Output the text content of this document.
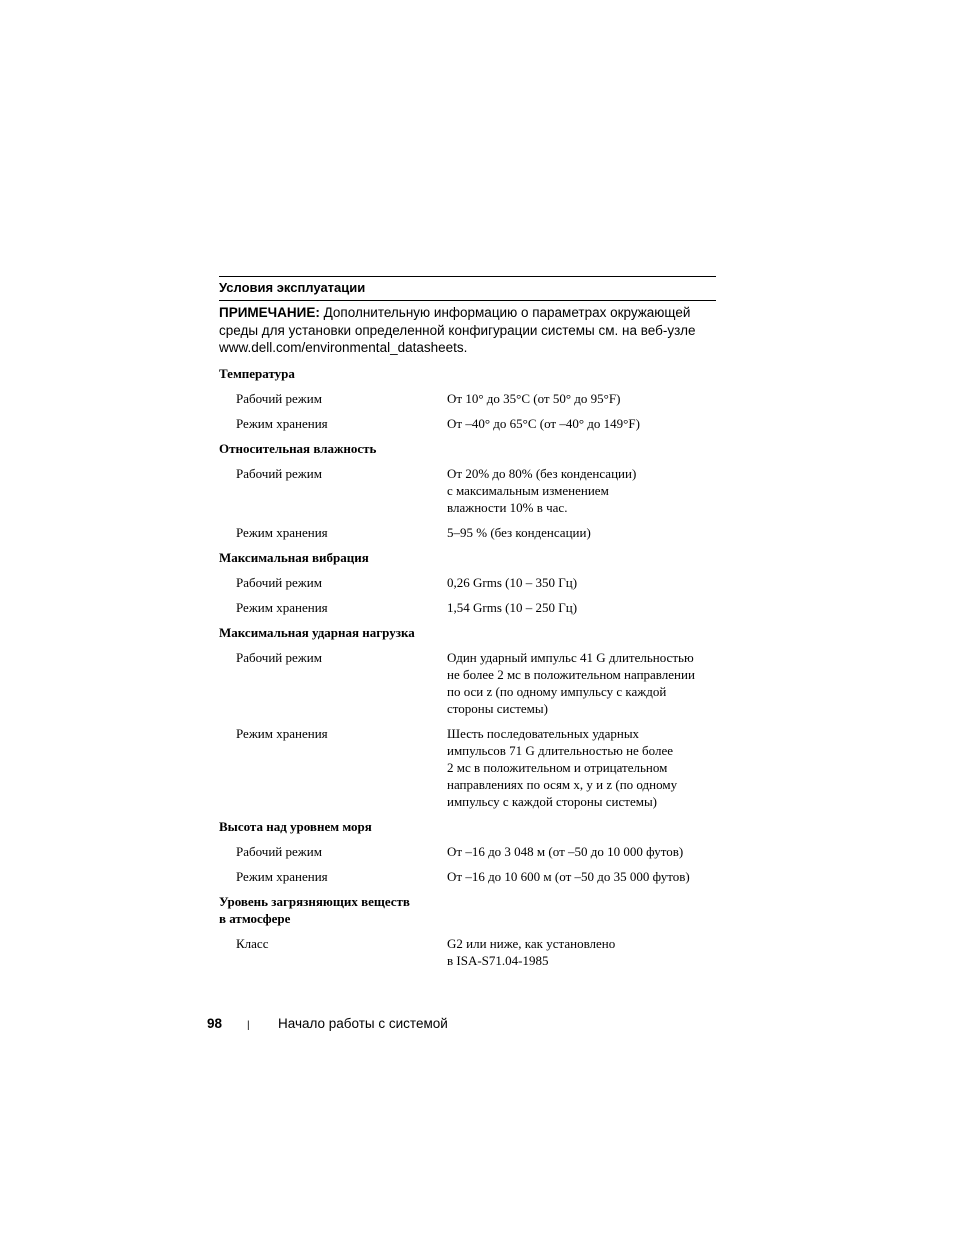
Условия эксплуатации
ПРИМЕЧАНИЕ: Дополнительную информацию о параметрах окружающей
среды для установки определенной конфигурации системы см. на веб-узле
www.dell.com/environmental_datasheets.
Температура
Рабочий режим	От 10° до 35°C (от 50° до 95°F)
Режим хранения	От –40° до 65°C (от –40° до 149°F)
Относительная влажность
Рабочий режим	От 20% до 80% (без конденсации)
с максимальным изменением
влажности 10% в час.
Режим хранения	5–95 % (без конденсации)
Максимальная вибрация
Рабочий режим	0,26 Grms (10 – 350 Гц)
Режим хранения	1,54 Grms (10 – 250 Гц)
Максимальная ударная нагрузка
Рабочий режим	Один ударный импульс 41 G длительностью
не более 2 мс в положительном направлении
по оси z (по одному импульсу с каждой
стороны системы)
Режим хранения	Шесть последовательных ударных
импульсов 71 G длительностью не более
2 мс в положительном и отрицательном
направлениях по осям x, y и z (по одному
импульсу с каждой стороны системы)
Высота над уровнем моря
Рабочий режим	От –16 до 3 048 м (от –50 до 10 000 футов)
Режим хранения	От –16 до 10 600 м (от –50 до 35 000 футов)
Уровень загрязняющих веществ
в атмосфере
Класс	G2 или ниже, как установлено
в ISA-S71.04-1985
98 | Начало работы с системой
